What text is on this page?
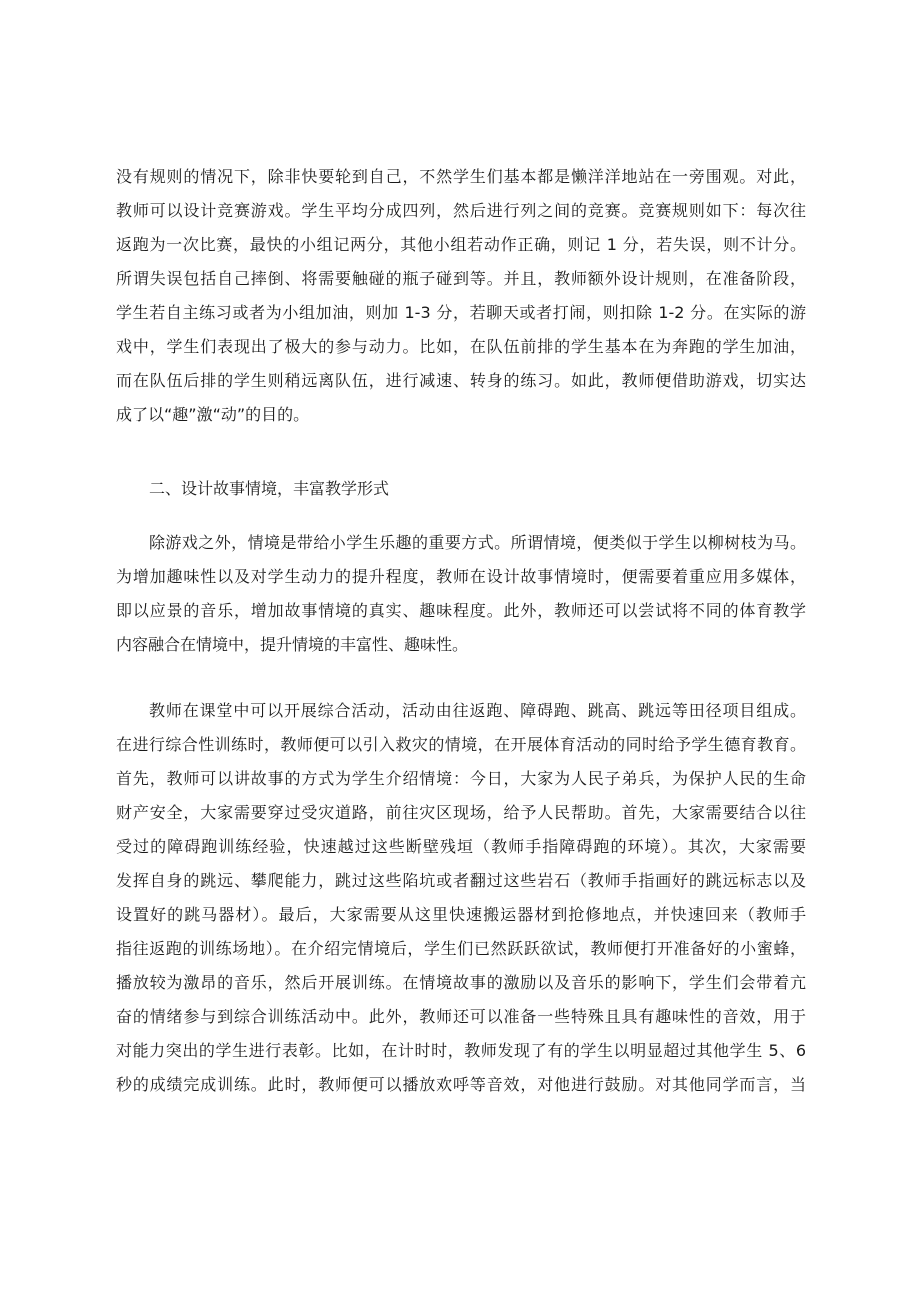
没有规则的情况下，除非快要轮到自己，不然学生们基本都是懒洋洋地站在一旁围观。对此，
教师可以设计竞赛游戏。学生平均分成四列，然后进行列之间的竞赛。竞赛规则如下：每次往
返跑为一次比赛，最快的小组记两分，其他小组若动作正确，则记 1 分，若失误，则不计分。
所谓失误包括自己摔倒、将需要触碰的瓶子碰到等。并且，教师额外设计规则，在准备阶段，
学生若自主练习或者为小组加油，则加 1-3 分，若聊天或者打闹，则扣除 1-2 分。在实际的游
戏中，学生们表现出了极大的参与动力。比如，在队伍前排的学生基本在为奔跑的学生加油，
而在队伍后排的学生则稍远离队伍，进行减速、转身的练习。如此，教师便借助游戏，切实达
成了以“趣”激“动”的目的。
二、设计故事情境，丰富教学形式
除游戏之外，情境是带给小学生乐趣的重要方式。所谓情境，便类似于学生以柳树枝为马。
为增加趣味性以及对学生动力的提升程度，教师在设计故事情境时，便需要着重应用多媒体，
即以应景的音乐，增加故事情境的真实、趣味程度。此外，教师还可以尝试将不同的体育教学
内容融合在情境中，提升情境的丰富性、趣味性。
教师在课堂中可以开展综合活动，活动由往返跑、障碍跑、跳高、跳远等田径项目组成。
在进行综合性训练时，教师便可以引入救灾的情境，在开展体育活动的同时给予学生德育教育。
首先，教师可以讲故事的方式为学生介绍情境：今日，大家为人民子弟兵，为保护人民的生命
财产安全，大家需要穿过受灾道路，前往灾区现场，给予人民帮助。首先，大家需要结合以往
受过的障碍跑训练经验，快速越过这些断壁残垣（教师手指障碍跑的环境）。其次，大家需要
发挥自身的跳远、攀爬能力，跳过这些陷坑或者翻过这些岩石（教师手指画好的跳远标志以及
设置好的跳马器材）。最后，大家需要从这里快速搬运器材到抢修地点，并快速回来（教师手
指往返跑的训练场地）。在介绍完情境后，学生们已然跃跃欲试，教师便打开准备好的小蜜蜂，
播放较为激昂的音乐，然后开展训练。在情境故事的激励以及音乐的影响下，学生们会带着亢
奋的情绪参与到综合训练活动中。此外，教师还可以准备一些特殊且具有趣味性的音效，用于
对能力突出的学生进行表彰。比如，在计时时，教师发现了有的学生以明显超过其他学生 5、6
秒的成绩完成训练。此时，教师便可以播放欢呼等音效，对他进行鼓励。对其他同学而言，当
